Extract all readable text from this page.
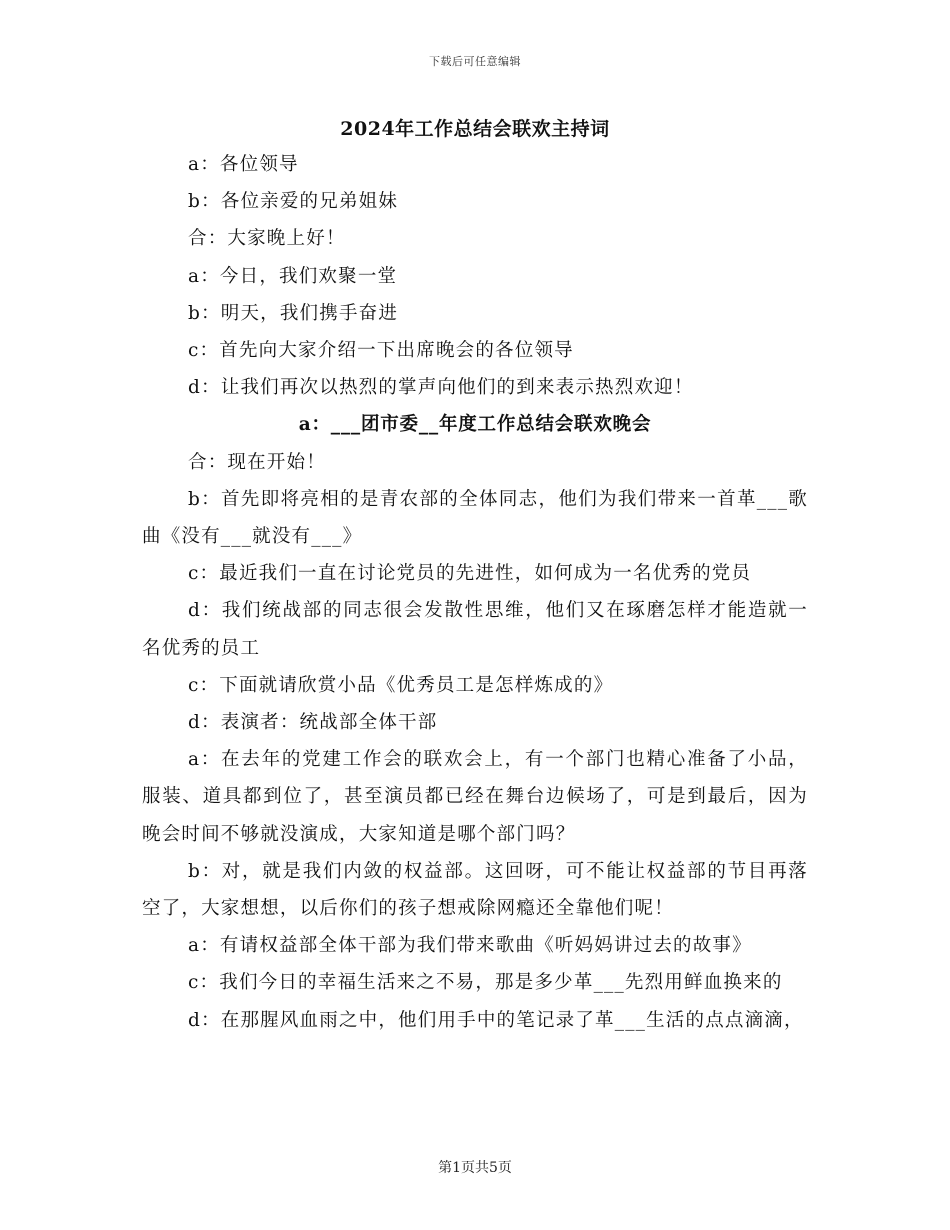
下载后可任意编辑
2024年工作总结会联欢主持词

a：各位领导

b：各位亲爱的兄弟姐妹

合：大家晚上好！

a：今日，我们欢聚一堂

b：明天，我们携手奋进

c：首先向大家介绍一下出席晚会的各位领导

d：让我们再次以热烈的掌声向他们的到来表示热烈欢迎！

a：___团市委__年度工作总结会联欢晚会

合：现在开始！

b：首先即将亮相的是青农部的全体同志，他们为我们带来一首革___歌曲《没有___就没有___》

c：最近我们一直在讨论党员的先进性，如何成为一名优秀的党员

d：我们统战部的同志很会发散性思维，他们又在琢磨怎样才能造就一名优秀的员工

c：下面就请欣赏小品《优秀员工是怎样炼成的》

d：表演者：统战部全体干部

a：在去年的党建工作会的联欢会上，有一个部门也精心准备了小品，服装、道具都到位了，甚至演员都已经在舞台边候场了，可是到最后，因为晚会时间不够就没演成，大家知道是哪个部门吗？

b：对，就是我们内敛的权益部。这回呀，可不能让权益部的节目再落空了，大家想想，以后你们的孩子想戒除网瘾还全靠他们呢！

a：有请权益部全体干部为我们带来歌曲《听妈妈讲过去的故事》

c：我们今日的幸福生活来之不易，那是多少革___先烈用鲜血换来的

d：在那腥风血雨之中，他们用手中的笔记录了革___生活的点点滴滴，

第1页共5页
